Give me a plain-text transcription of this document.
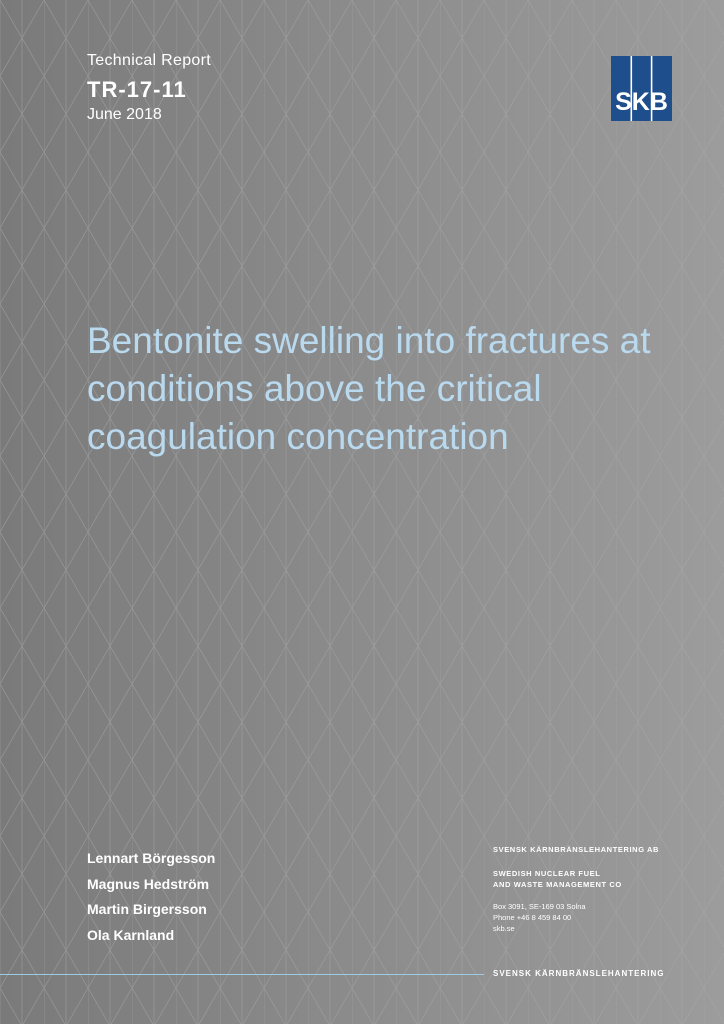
Technical Report
TR-17-11
June 2018	SKB
Bentonite swelling into fractures at conditions above the critical coagulation concentration
Lennart Börgesson
Magnus Hedström
Martin Birgersson
Ola Karnland
SVENSK KÄRNBRÄNSLEHANTERING AB
SWEDISH NUCLEAR FUEL
AND WASTE MANAGEMENT CO
Box 3091, SE-169 03 Solna
Phone +46 8 459 84 00
skb.se
SVENSK KÄRNBRÄNSLEHANTERING
